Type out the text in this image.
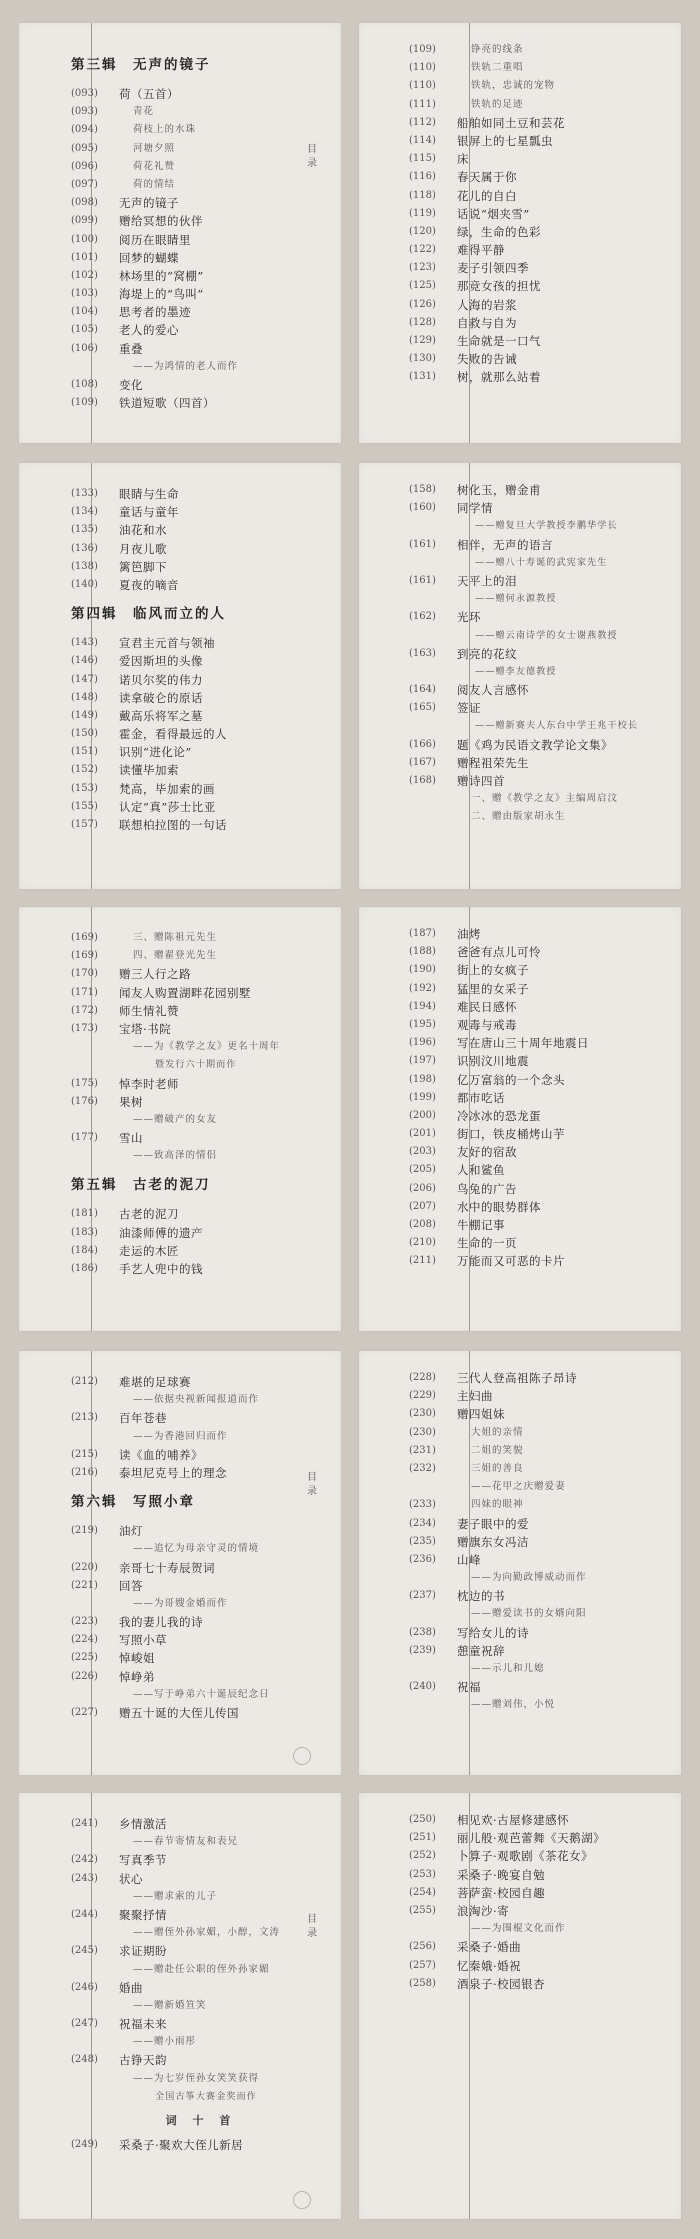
第三辑　无声的镜子
(093)	荷（五首）
(093)	青花
(094)	荷枝上的水珠
(095)	河塘夕照
(096)	荷花礼赞
(097)	荷的情结
(098)	无声的镜子
(099)	赠给冥想的伙伴
(100)	阅历在眼睛里
(101)	回梦的蝴蝶
(102)	林场里的“窝棚”
(103)	海堤上的“鸟叫”
(104)	思考者的墨迹
(105)	老人的爱心
(106)	重叠
——为鸿情的老人而作
(108)	变化
(109)	铁道短歌（四首）
目
录
(109)	铮亮的线条
(110)	铁轨二重唱
(110)	铁轨，忠诚的宠物
(111)	铁轨的足迹
(112)	船舶如同土豆和芸花
(114)	银屏上的七星瓢虫
(115)	床
(116)	春天属于你
(118)	花儿的自白
(119)	话说“烟夹雪”
(120)	绿，生命的色彩
(122)	难得平静
(123)	麦子引领四季
(125)	那竞女孩的担忧
(126)	人海的岩浆
(128)	自救与自为
(129)	生命就是一口气
(130)	失败的告诫
(131)	树，就那么站着
(133)	眼睛与生命
(134)	童话与童年
(135)	油花和水
(136)	月夜儿歌
(138)	篱笆脚下
(140)	夏夜的嘀音
第四辑　临风而立的人
(143)	宣君主元首与领袖
(146)	爱因斯坦的头像
(147)	诺贝尔奖的伟力
(148)	读拿破仑的原话
(149)	戴高乐将军之墓
(150)	霍金，看得最远的人
(151)	识别“进化论”
(152)	读懂毕加索
(153)	梵高，毕加索的画
(155)	认定“真”莎士比亚
(157)	联想柏拉图的一句话
(158)	树化玉，赠金甫
(160)	同学情
——赠复旦大学教授李鹏华学长
(161)	相伴，无声的语言
——赠八十寿诞的武宪家先生
(161)	天平上的泪
——赠何永源教授
(162)	光环
——赠云南诗学的女士谢燕教授
(163)	到亮的花纹
——赠李友德教授
(164)	阅友人言感怀
(165)	签证
——赠新赛夫人东台中学王兆干校长
(166)	题《鸡为民语文教学论文集》
(167)	赠程祖荣先生
(168)	赠诗四首
一、赠《教学之友》主编周启汶
二、赠由版家胡永生
(169)	三、赠陈祖元先生
(169)	四、赠翟登光先生
(170)	赠三人行之路
(171)	闻友人购置湖畔花园别墅
(172)	师生情礼赞
(173)	宝塔·书院
——为《教学之友》更名十周年
暨发行六十期而作
(175)	悼李时老师
(176)	果树
——赠破产的女友
(177)	雪山
——致高泽的情侣
第五辑　古老的泥刀
(181)	古老的泥刀
(183)	油漆师傅的遗产
(184)	走运的木匠
(186)	手艺人兜中的钱
(187)	油烤
(188)	爸爸有点儿可怜
(190)	街上的女疯子
(192)	猛里的女采子
(194)	难民日感怀
(195)	观毒与戒毒
(196)	写在唐山三十周年地震日
(197)	识别汶川地震
(198)	亿万富翁的一个念头
(199)	都市吃话
(200)	冷冰冰的恐龙蛋
(201)	街口，铁皮桶烤山芋
(203)	友好的宿敌
(205)	人和鲨鱼
(206)	鸟兔的广告
(207)	水中的眼势群体
(208)	牛棚记事
(210)	生命的一页
(211)	万能而又可恶的卡片
(212)	难堪的足球赛
——依据央视新闻报道而作
(213)	百年苍巷
——为香港回归而作
(215)	读《血的哺养》
(216)	泰坦尼克号上的理念
第六辑　写照小章
(219)	油灯
——追忆为母亲守灵的情境
(220)	亲哥七十寿辰贺词
(221)	回答
——为哥嫂金婚而作
(223)	我的妻儿我的诗
(224)	写照小草
(225)	悼峻姐
(226)	悼峥弟
——写于峥弟六十诞辰纪念日
(227)	赠五十诞的大侄儿传国
目
录
(228)	三代人登高祖陈子昂诗
(229)	主妇曲
(230)	赠四姐妹
(230)	大姐的亲情
(231)	二姐的笑貌
(232)	三姐的善良
——花甲之庆赠爱妻
(233)	四妹的眼神
(234)	妻子眼中的爱
(235)	赠旗东女冯洁
(236)	山峰
——为向勤政博威动而作
(237)	枕边的书
——赠爱读书的女婿向阳
(238)	写给女儿的诗
(239)	憩童祝辞
——示儿和儿媳
(240)	祝福
——赠刘伟，小悦
(241)	乡情激活
——春节寄情友和表兄
(242)	写真季节
(243)	状心
——赠求索的儿子
(244)	聚聚抒情
——赠侄外孙家媚，小醇，文涛
(245)	求证期盼
——赠赴任公职的侄外孙家媚
(246)	婚曲
——赠新婚笪笑
(247)	祝福未来
——赠小雨彤
(248)	古铮天韵
——为七岁侄孙女笑笑获得
全国古筝大赛金奖而作
词 十 首
(249)	采桑子·聚欢大侄儿新居
目
录
(250)	相见欢·古屋修建感怀
(251)	丽儿般·观芭蕾舞《天鹅湖》
(252)	卜算子·观歌剧《茶花女》
(253)	采桑子·晚宴自勉
(254)	菩萨蛮·校园自趣
(255)	浪淘沙·寄
——为围棍文化而作
(256)	采桑子·婚曲
(257)	忆秦娥·婚祝
(258)	酒泉子·校园银杏
